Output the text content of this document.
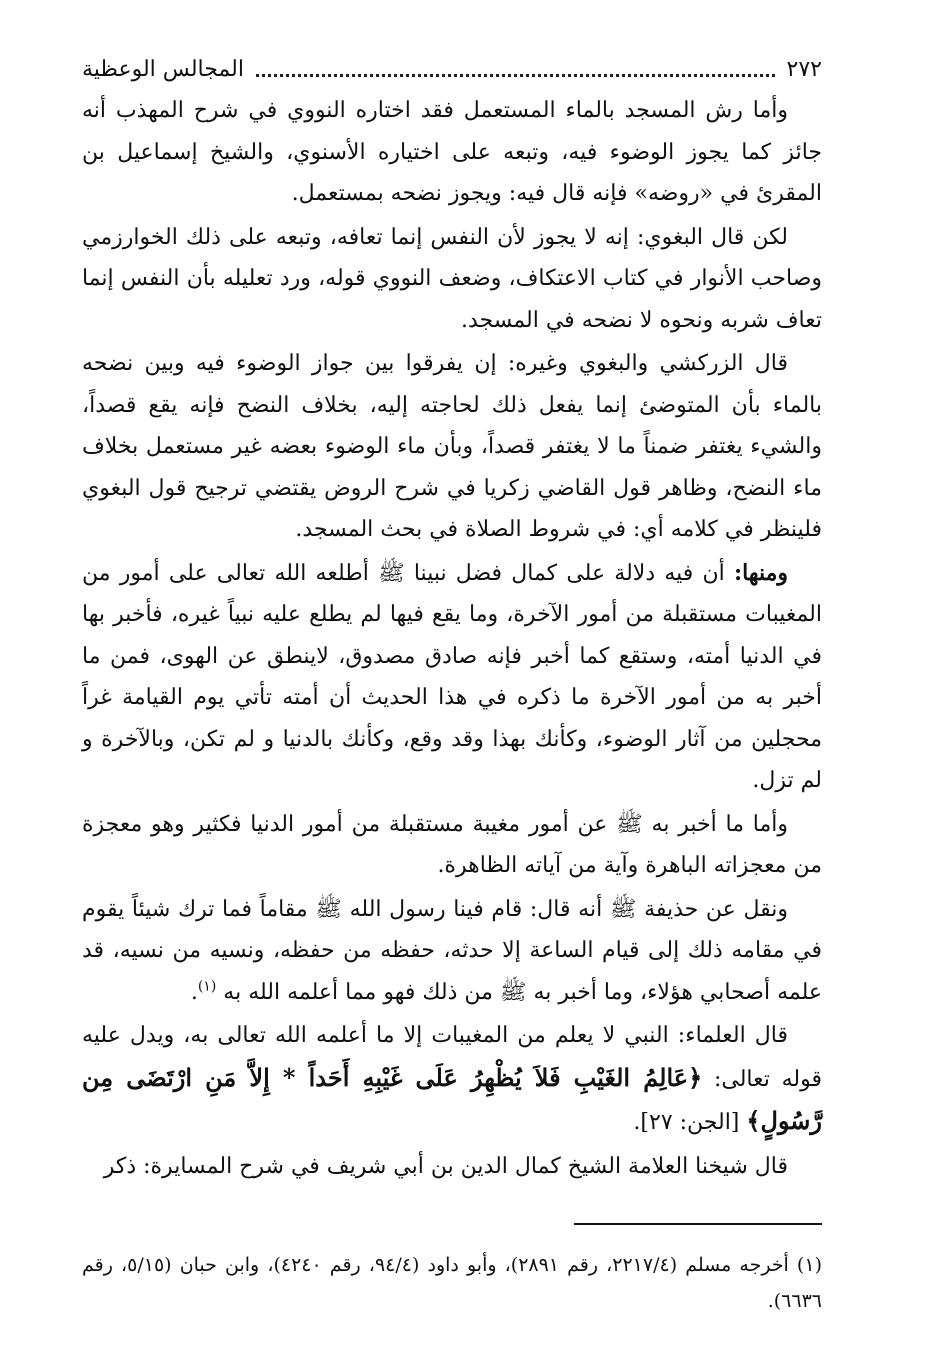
٢٧٢
المجالس الوعظية

وأما رش المسجد بالماء المستعمل فقد اختاره النووي في شرح المهذب أنه جائز كما يجوز الوضوء فيه، وتبعه على اختياره الأسنوي، والشيخ إسماعيل بن المقرئ في «روضه» فإنه قال فيه: ويجوز نضحه بمستعمل.

لكن قال البغوي: إنه لا يجوز لأن النفس إنما تعافه، وتبعه على ذلك الخوارزمي وصاحب الأنوار في كتاب الاعتكاف، وضعف النووي قوله، ورد تعليله بأن النفس إنما تعاف شربه ونحوه لا نضحه في المسجد.

قال الزركشي والبغوي وغيره: إن يفرقوا بين جواز الوضوء فيه وبين نضحه بالماء بأن المتوضئ إنما يفعل ذلك لحاجته إليه، بخلاف النضح فإنه يقع قصداً، والشيء يغتفر ضمناً ما لا يغتفر قصداً، وبأن ماء الوضوء بعضه غير مستعمل بخلاف ماء النضح، وظاهر قول القاضي زكريا في شرح الروض يقتضي ترجيح قول البغوي فلينظر في كلامه أي: في شروط الصلاة في بحث المسجد.

ومنها: أن فيه دلالة على كمال فضل نبينا ﷺ أطلعه الله تعالى على أمور من المغيبات مستقبلة من أمور الآخرة، وما يقع فيها لم يطلع عليه نبياً غيره، فأخبر بها في الدنيا أمته، وستقع كما أخبر فإنه صادق مصدوق، لاينطق عن الهوى، فمن ما أخبر به من أمور الآخرة ما ذكره في هذا الحديث أن أمته تأتي يوم القيامة غراً محجلين من آثار الوضوء، وكأنك بهذا وقد وقع، وكأنك بالدنيا و لم تكن، وبالآخرة و لم تزل.

وأما ما أخبر به ﷺ عن أمور مغيبة مستقبلة من أمور الدنيا فكثير وهو معجزة من معجزاته الباهرة وآية من آياته الظاهرة.

ونقل عن حذيفة ﷺ أنه قال: قام فينا رسول الله ﷺ مقاماً فما ترك شيئاً يقوم في مقامه ذلك إلى قيام الساعة إلا حدثه، حفظه من حفظه، ونسيه من نسيه، قد علمه أصحابي هؤلاء، وما أخبر به ﷺ من ذلك فهو مما أعلمه الله به $^{(١)}$.

قال العلماء: النبي لا يعلم من المغيبات إلا ما أعلمه الله تعالى به، ويدل عليه قوله تعالى: ﴿عَالِمُ الغَيْبِ فَلاَ يُظْهِرُ عَلَى غَيْبِهِ أَحَداً * إِلاَّ مَنِ ارْتَضَى مِن رَّسُولٍ﴾ [الجن: ٢٧].

قال شيخنا العلامة الشيخ كمال الدين بن أبي شريف في شرح المسايرة: ذكر

(١) أخرجه مسلم (٢٢١٧/٤، رقم ٢٨٩١)، وأبو داود (٩٤/٤، رقم ٤٢٤٠)، وابن حبان (٥/١٥، رقم ٦٦٣٦).
